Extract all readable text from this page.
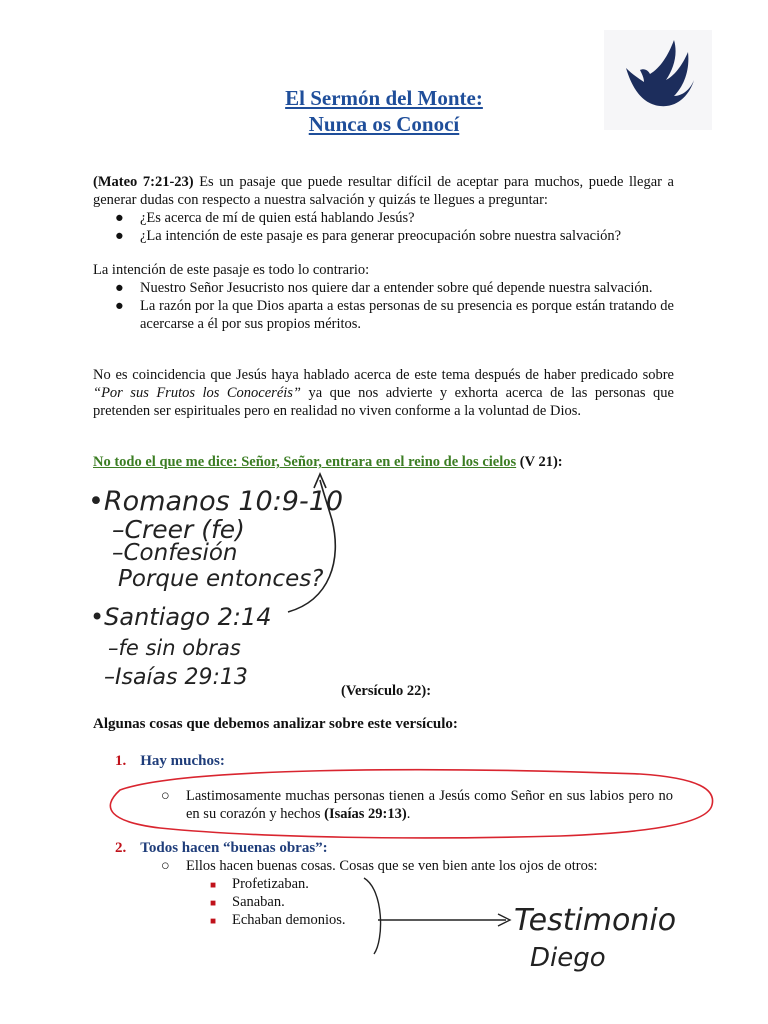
El Sermón del Monte:
Nunca os Conocí
(Mateo 7:21-23) Es un pasaje que puede resultar difícil de aceptar para muchos, puede llegar a generar dudas con respecto a nuestra salvación y quizás te llegues a preguntar:
● ¿Es acerca de mí de quien está hablando Jesús?
● ¿La intención de este pasaje es para generar preocupación sobre nuestra salvación?
La intención de este pasaje es todo lo contrario:
● Nuestro Señor Jesucristo nos quiere dar a entender sobre qué depende nuestra salvación.
● La razón por la que Dios aparta a estas personas de su presencia es porque están tratando de acercarse a él por sus propios méritos.
No es coincidencia que Jesús haya hablado acerca de este tema después de haber predicado sobre “Por sus Frutos los Conoceréis” ya que nos advierte y exhorta acerca de las personas que pretenden ser espirituales pero en realidad no viven conforme a la voluntad de Dios.
No todo el que me dice: Señor, Señor, entrara en el reino de los cielos (V 21):
(Versículo 22):
Algunas cosas que debemos analizar sobre este versículo:
1. Hay muchos:
○ Lastimosamente muchas personas tienen a Jesús como Señor en sus labios pero no en su corazón y hechos (Isaías 29:13).
2. Todos hacen “buenas obras”:
○ Ellos hacen buenas cosas. Cosas que se ven bien ante los ojos de otros:
■ Profetizaban.
■ Sanaban.
■ Echaban demonios.
•Romanos 10:9-10
–Creer (fe)
–Confesión
Porque entonces?
•Santiago 2:14
–fe sin obras
–Isaías 29:13
Testimonio
Diego
